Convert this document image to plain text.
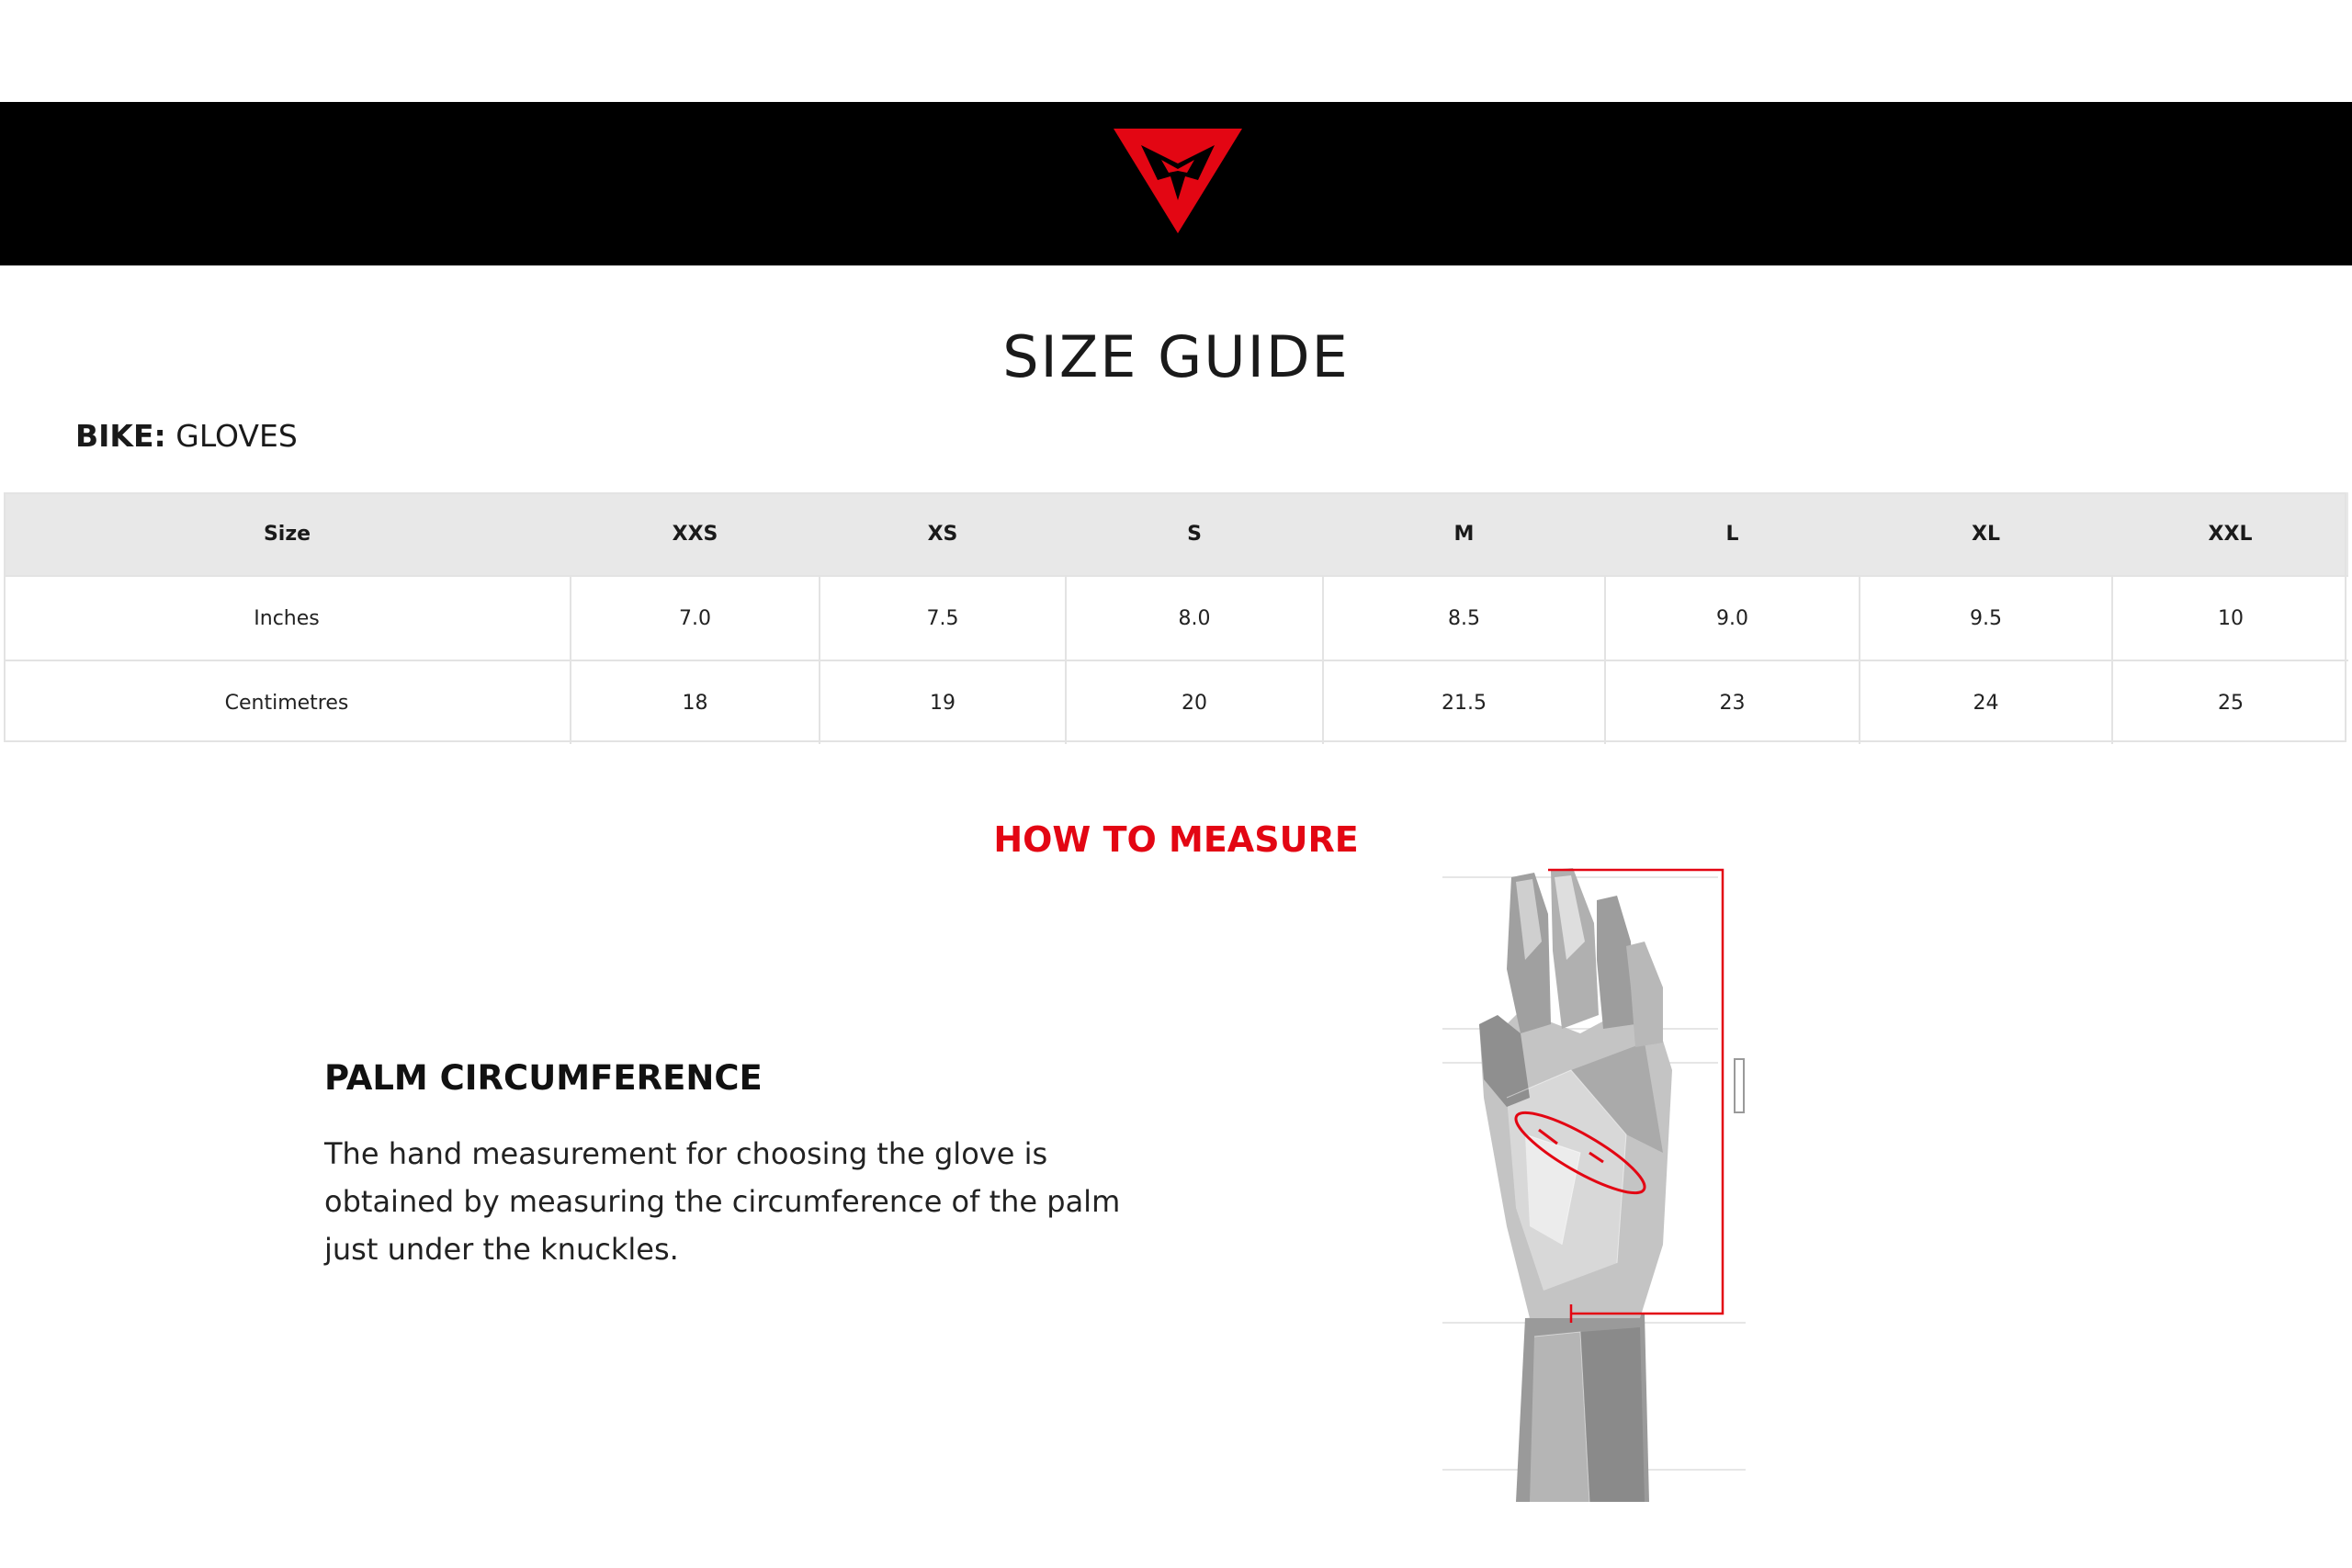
SIZE GUIDE
BIKE: GLOVES
Size	XXS	XS	S	M	L	XL	XXL
Inches	7.0	7.5	8.0	8.5	9.0	9.5	10
Centimetres	18	19	20	21.5	23	24	25
HOW TO MEASURE
PALM CIRCUMFERENCE
The hand measurement for choosing the glove is obtained by measuring the circumference of the palm just under the knuckles.
